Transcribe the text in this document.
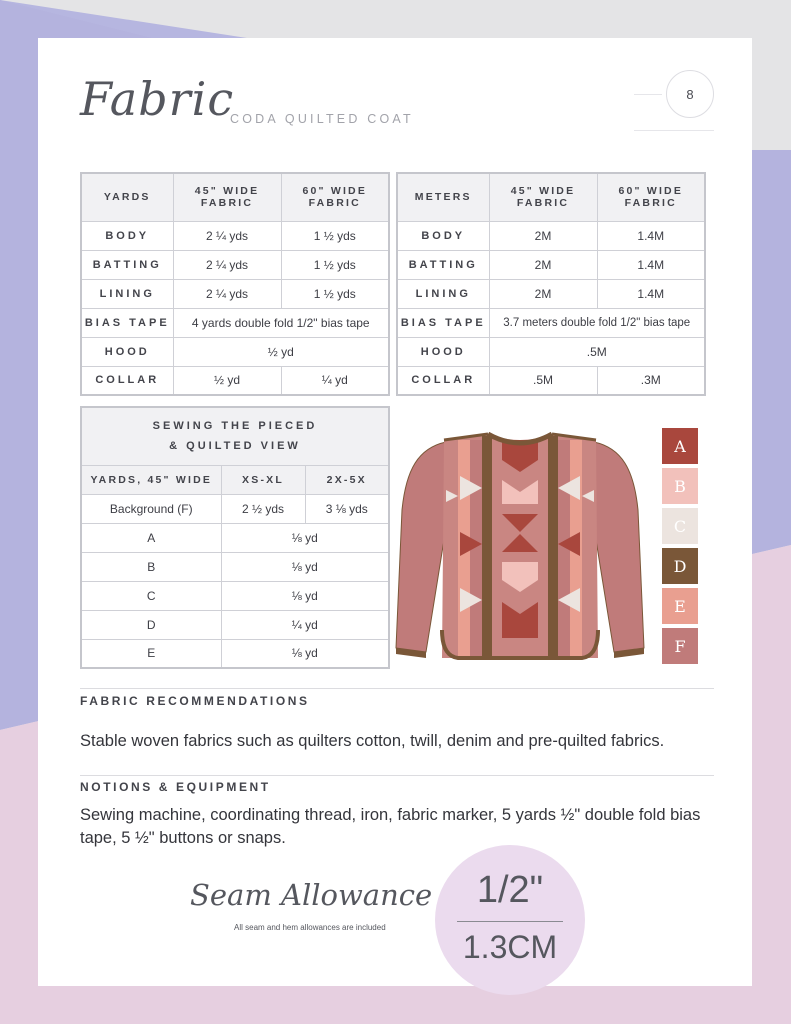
Fabric
CODA QUILTED COAT
8
YARDS	45" WIDE FABRIC	60" WIDE FABRIC
BODY	2 ¼ yds	1 ½ yds
BATTING	2 ¼ yds	1 ½ yds
LINING	2 ¼ yds	1 ½ yds
BIAS TAPE	4 yards double fold 1/2" bias tape	
HOOD	½ yd	
COLLAR	½ yd	¼ yd
METERS	45" WIDE FABRIC	60" WIDE FABRIC
BODY	2M	1.4M
BATTING	2M	1.4M
LINING	2M	1.4M
BIAS TAPE	3.7 meters double fold 1/2" bias tape	
HOOD	.5M	
COLLAR	.5M	.3M
SEWING THE PIECED
& QUILTED VIEW		

YARDS, 45" WIDE	XS-XL	2X-5X
Background (F)	2 ½ yds	3 ⅛ yds
A	⅛ yd	
B	⅛ yd	
C	⅛ yd	
D	¼ yd	
E	⅛ yd	
A
B
C
D
E
F
FABRIC RECOMMENDATIONS
Stable woven fabrics such as quilters cotton, twill, denim and pre-quilted fabrics.
NOTIONS & EQUIPMENT
Sewing machine, coordinating thread, iron, fabric marker, 5 yards ½" double fold bias tape, 5 ½" buttons or snaps.
Seam Allowance
All seam and hem allowances are included
1/2"
1.3CM
